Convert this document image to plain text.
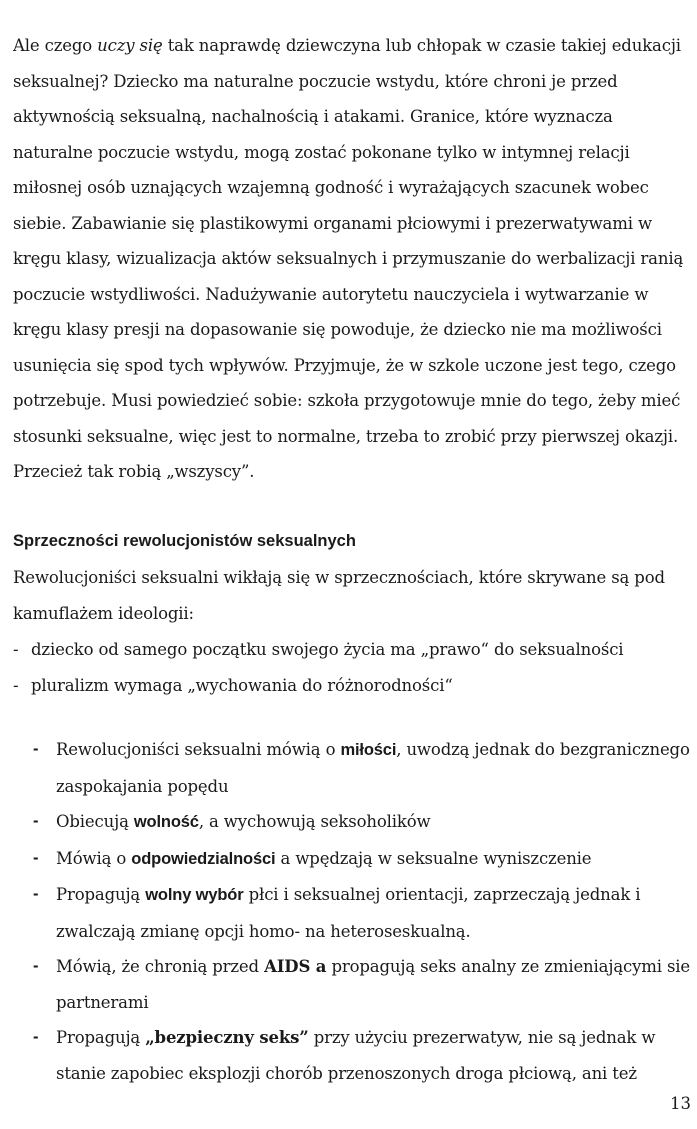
Ale czego uczy się tak naprawdę dziewczyna lub chłopak w czasie takiej edukacji seksualnej? Dziecko ma naturalne poczucie wstydu, które chroni je przed aktywnością seksualną, nachalnością i atakami. Granice, które wyznacza naturalne poczucie wstydu, mogą zostać pokonane tylko w intymnej relacji miłosnej osób uznających wzajemną godność i wyrażających szacunek wobec siebie. Zabawianie się plastikowymi organami płciowymi i prezerwatywami w kręgu klasy, wizualizacja aktów seksualnych i przymuszanie do werbalizacji ranią poczucie wstydliwości. Nadużywanie autorytetu nauczyciela i wytwarzanie w kręgu klasy presji na dopasowanie się powoduje, że dziecko nie ma możliwości usunięcia się spod tych wpływów. Przyjmuje, że w szkole uczone jest tego, czego potrzebuje. Musi powiedzieć sobie: szkoła przygotowuje mnie do tego, żeby mieć stosunki seksualne, więc jest to normalne, trzeba to zrobić przy pierwszej okazji. Przecież tak robią „wszyscy”.

Sprzeczności rewolucjonistów seksualnych

Rewolucjoniści seksualni wikłają się w sprzecznościach, które skrywane są pod kamuflażem ideologii:

- dziecko od samego początku swojego życia ma „prawo“ do seksualności
- pluralizm wymaga „wychowania do różnorodności“
- Rewolucjoniści seksualni mówią o miłości, uwodzą jednak do bezgranicznego zaspokajania popędu
- Obiecują wolność, a wychowują seksoholików
- Mówią o odpowiedzialności a wpędzają w seksualne wyniszczenie
- Propagują wolny wybór płci i seksualnej orientacji, zaprzeczają jednak i zwalczają zmianę opcji homo- na heteroseskualną.
- Mówią, że chronią przed AIDS a propagują seks analny ze zmieniającymi sie partnerami
- Propagują „bezpieczny seks” przy użyciu prezerwatyw, nie są jednak w stanie zapobiec eksplozji chorób przenoszonych droga płciową, ani też
13
